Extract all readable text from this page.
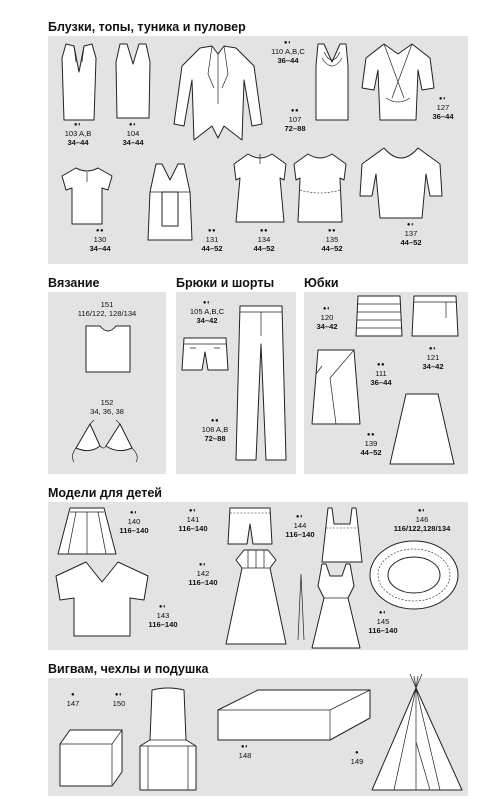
Блузки, топы, туника и пуловер
●◐
103 A,B
34–44
●◐
104
34–44
●●
107
72–88
●◐
110 A,B,C
36–44
●◐
127
36–44
●●
130
34–44
●●
131
44–52
●●
134
44–52
●●
135
44–52
●◐
137
44–52
Вязание
151
116/122, 128/134
152
34, 36, 38
Брюки и шорты
●◐
105 A,B,C
34–42
●●
108 A,B
72–88
Юбки
●◐
120
34–42
●◐
121
34–42
●●
111
36–44
●●
139
44–52
Модели для детей
●◐
140
116–140
●◐
141
116–140
●◐
144
116–140
●◐
146
116/122,128/134
●◐
143
116–140
●◐
142
116–140
●◐
145
116–140
Вигвам, чехлы и подушка
●
147
●◐
150
●◐
148	●
149
